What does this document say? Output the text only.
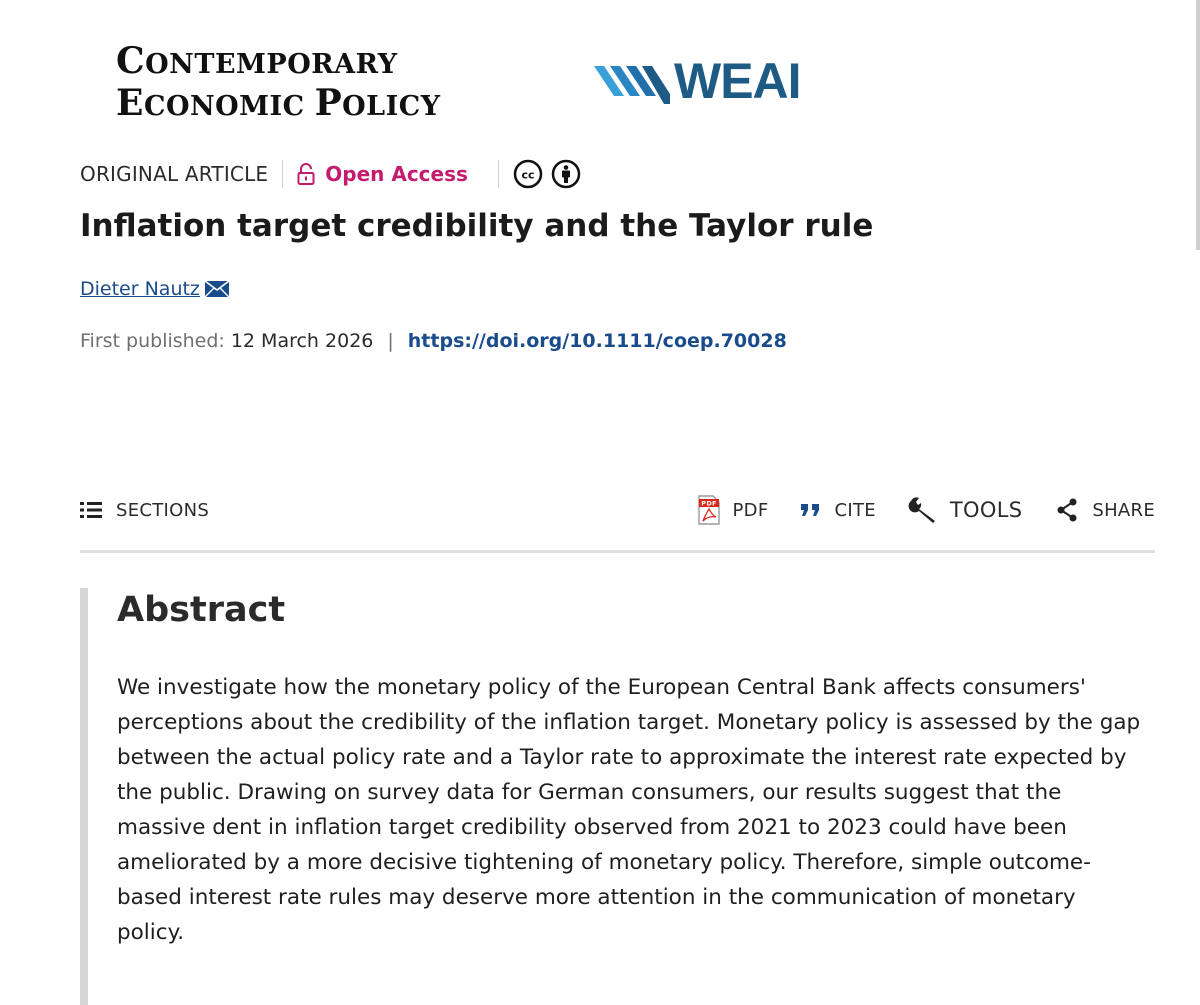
CONTEMPORARY
ECONOMIC POLICY	WEAI
ORIGINAL ARTICLE	Open Access	cc
Inflation target credibility and the Taylor rule
Dieter Nautz
First published: 12 March 2026 | https://doi.org/10.1111/coep.70028
SECTIONS	PDF PDF	CITE	TOOLS	SHARE
Abstract

We investigate how the monetary policy of the European Central Bank affects consumers' perceptions about the credibility of the inflation target. Monetary policy is assessed by the gap between the actual policy rate and a Taylor rate to approximate the interest rate expected by the public. Drawing on survey data for German consumers, our results suggest that the massive dent in inflation target credibility observed from 2021 to 2023 could have been ameliorated by a more decisive tightening of monetary policy. Therefore, simple outcome-based interest rate rules may deserve more attention in the communication of monetary policy.
